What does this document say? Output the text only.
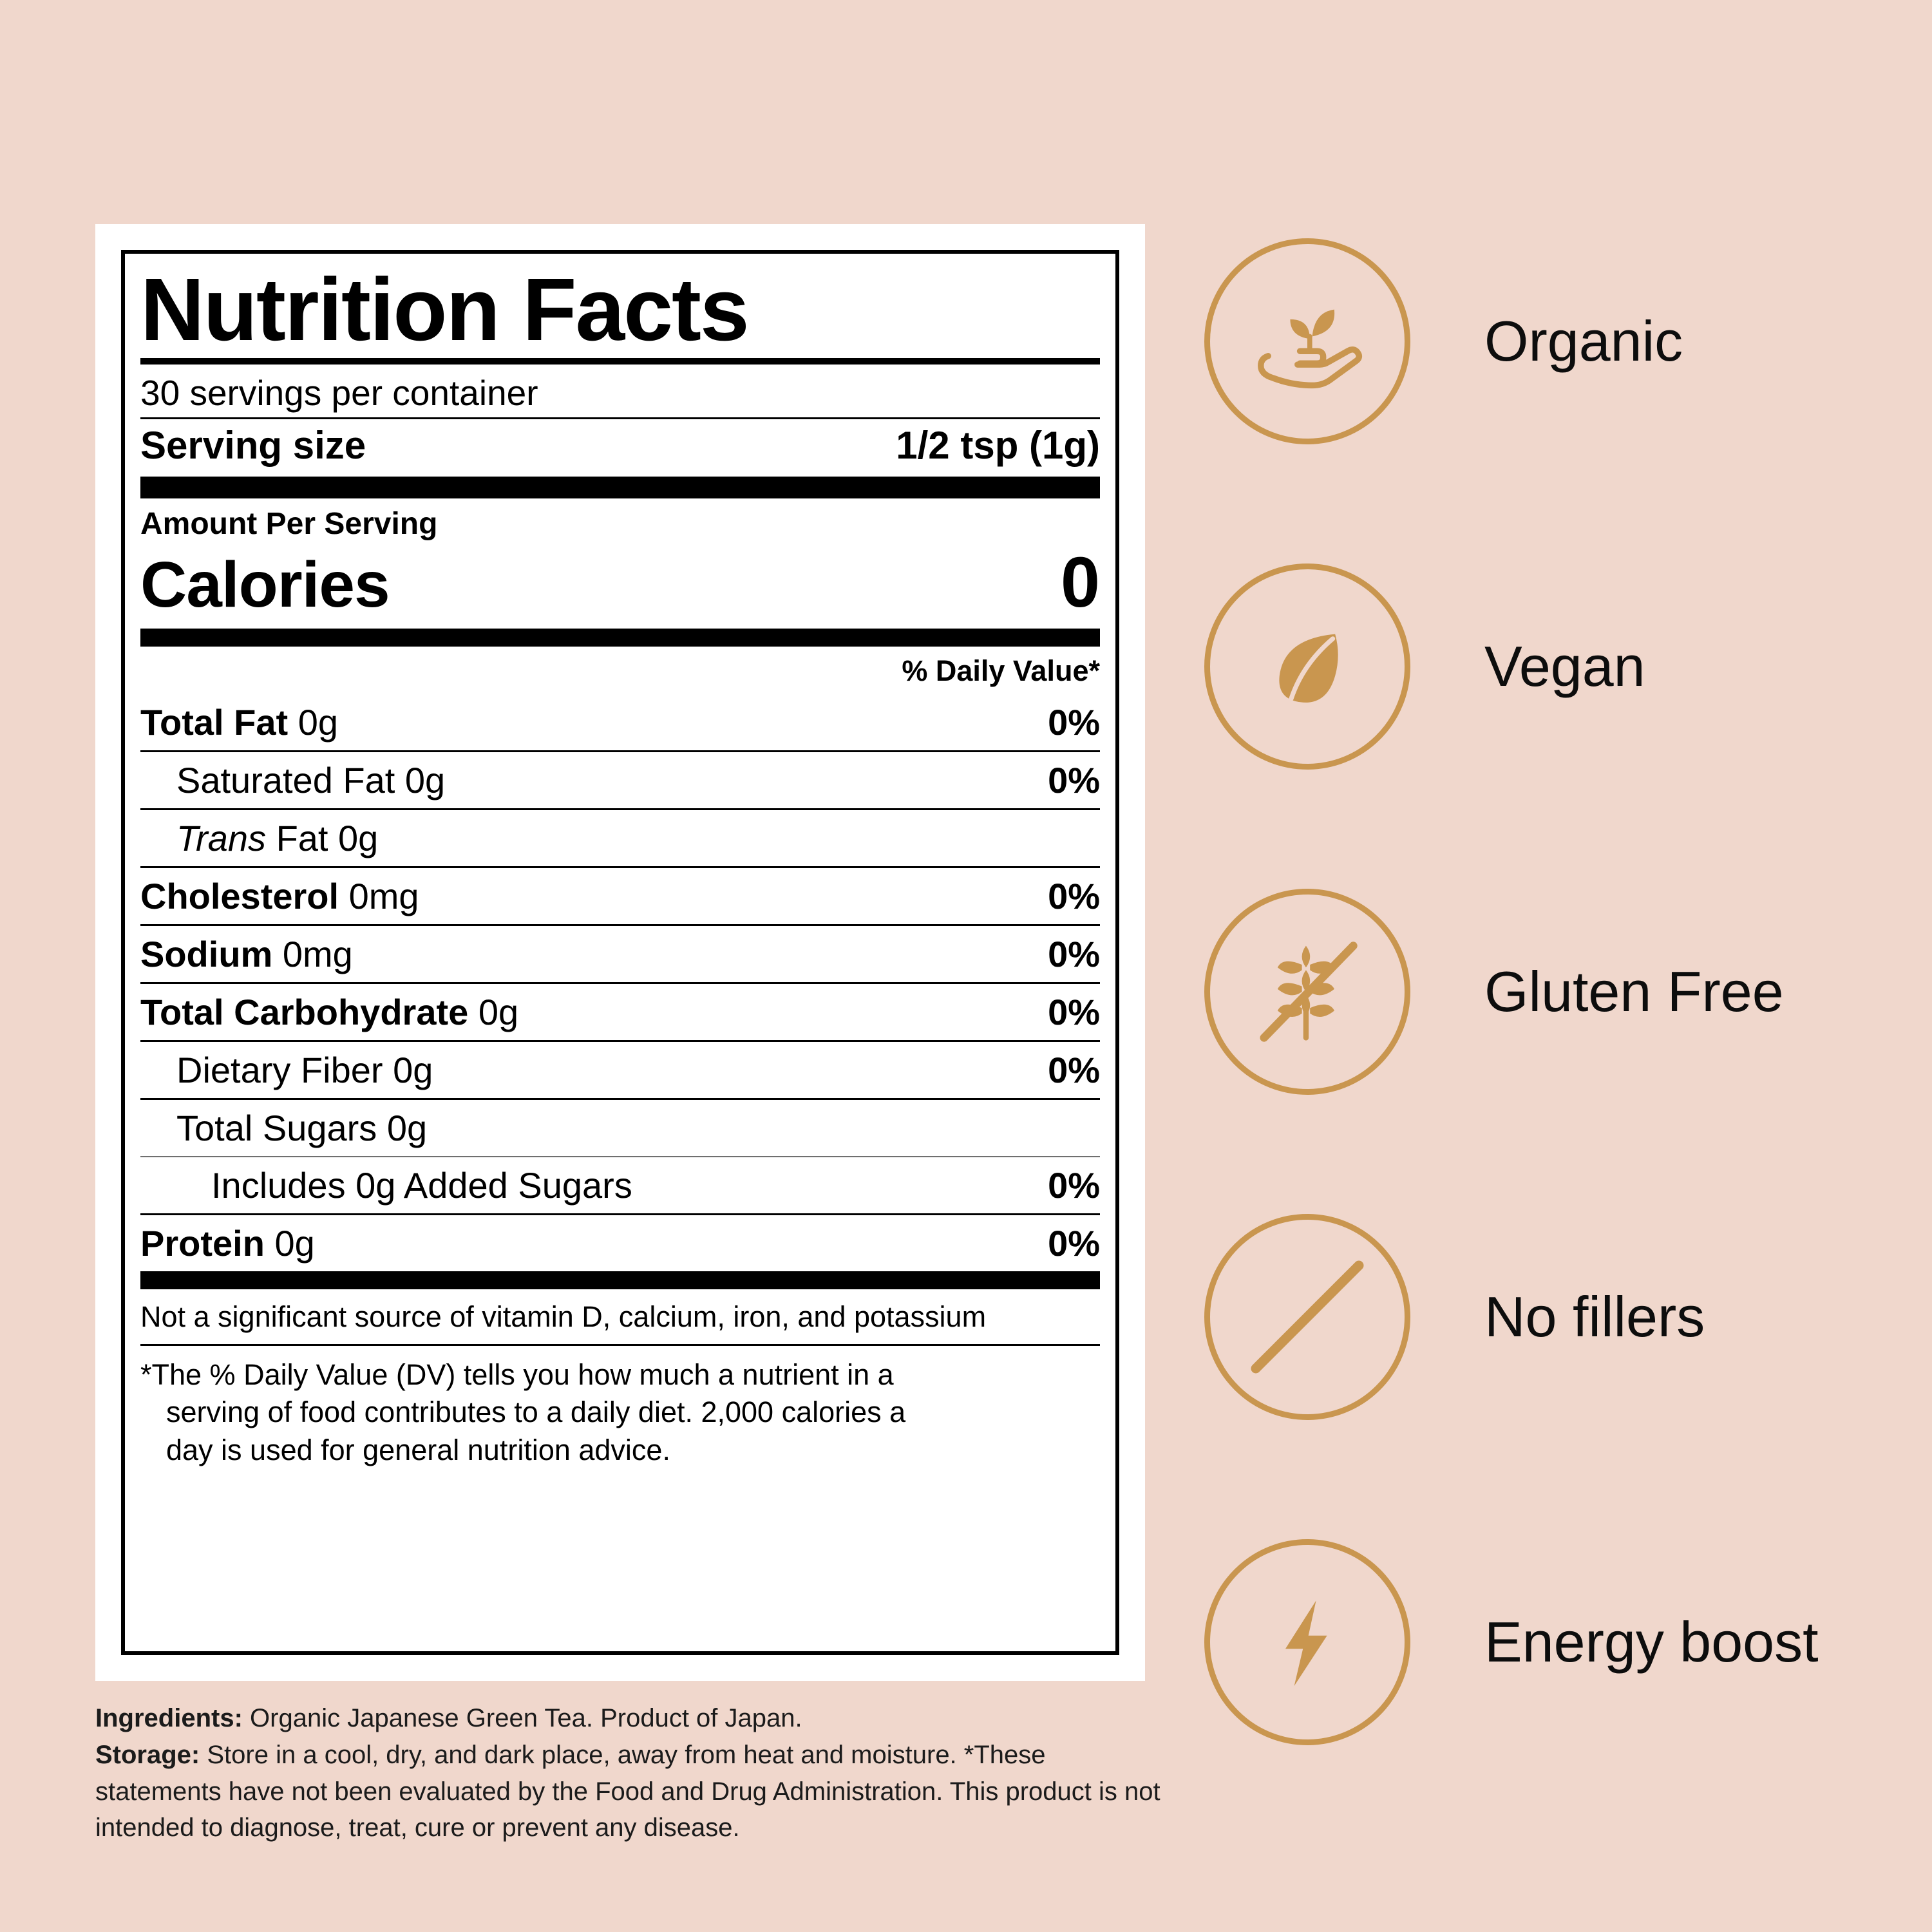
Nutrition Facts
30 servings per container
Serving size	1/2 tsp (1g)
Amount Per Serving
Calories	0
% Daily Value*
Total Fat 0g	0%
Saturated Fat 0g	0%
Trans Fat 0g
Cholesterol 0mg	0%
Sodium 0mg	0%
Total Carbohydrate 0g	0%
Dietary Fiber 0g	0%
Total Sugars 0g
Includes 0g Added Sugars	0%
Protein 0g	0%
Not a significant source of vitamin D, calcium, iron, and potassium
*The % Daily Value (DV) tells you how much a nutrient in a
serving of food contributes to a daily diet. 2,000 calories a
day is used for general nutrition advice.
Ingredients: Organic Japanese Green Tea. Product of Japan.
Storage: Store in a cool, dry, and dark place, away from heat and moisture. *These statements have not been evaluated by the Food and Drug Administration. This product is not intended to diagnose, treat, cure or prevent any disease.
Organic
Vegan
Gluten Free
No fillers
Energy boost
